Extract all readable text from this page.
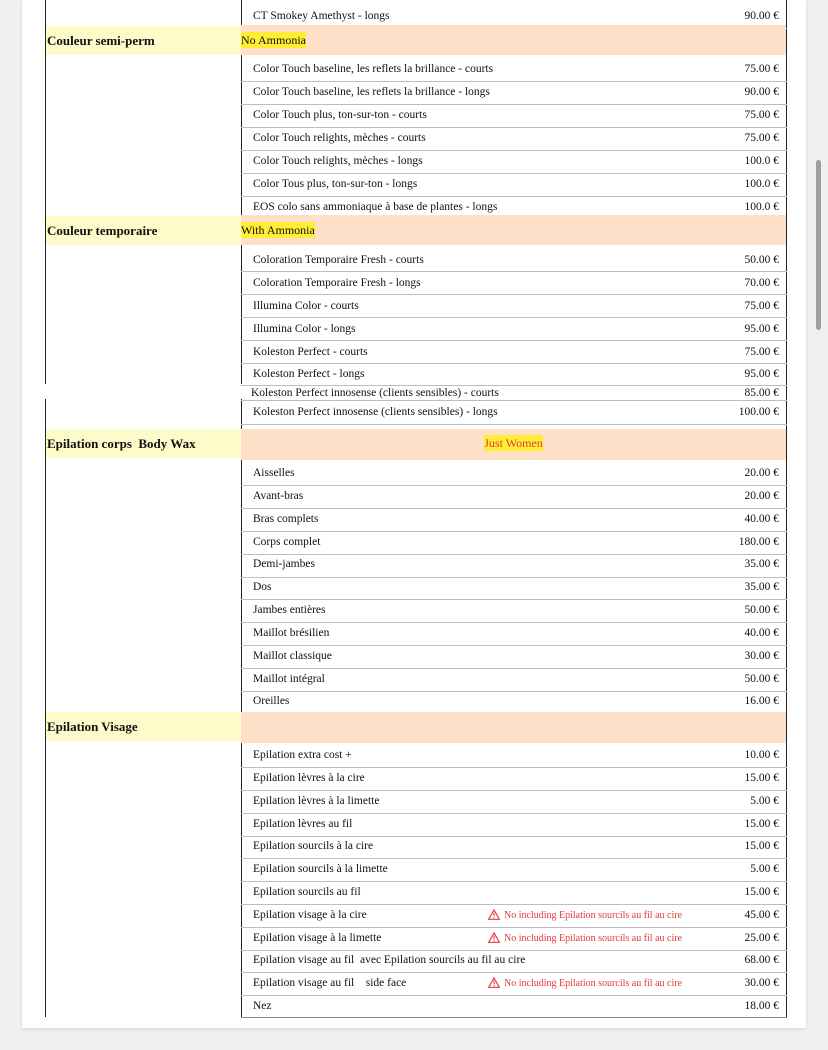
CT Smokey Amethyst - longs	90.00 €
Couleur semi-perm	No Ammonia
Color Touch baseline, les reflets la brillance - courts	75.00 €
Color Touch baseline, les reflets la brillance - longs	90.00 €
Color Touch plus, ton-sur-ton - courts	75.00 €
Color Touch relights, mèches - courts	75.00 €
Color Touch relights, mèches - longs	100.0 €
Color Tous plus, ton-sur-ton - longs	100.0 €
EOS colo sans ammoniaque à base de plantes - longs	100.0 €
Couleur temporaire	With Ammonia
Coloration Temporaire Fresh - courts	50.00 €
Coloration Temporaire Fresh - longs	70.00 €
Illumina Color - courts	75.00 €
Illumina Color - longs	95.00 €
Koleston Perfect - courts	75.00 €
Koleston Perfect - longs	95.00 €
Koleston Perfect innosense (clients sensibles) - courts	85.00 €
Koleston Perfect innosense (clients sensibles) - longs	100.00 €
Epilation corps  Body Wax	Just Women
Aisselles	20.00 €
Avant-bras	20.00 €
Bras complets	40.00 €
Corps complet	180.00 €
Demi-jambes	35.00 €
Dos	35.00 €
Jambes entières	50.00 €
Maillot brésilien	40.00 €
Maillot classique	30.00 €
Maillot intégral	50.00 €
Oreilles	16.00 €
Epilation Visage
Epilation extra cost +	10.00 €
Epilation lèvres à la cire	15.00 €
Epilation lèvres à la limette	5.00 €
Epilation lèvres au fil	15.00 €
Epilation sourcils à la cire	15.00 €
Epilation sourcils à la limette	5.00 €
Epilation sourcils au fil	15.00 €
Epilation visage à la cire	No including Epilation sourcils au fil au cire	45.00 €
Epilation visage à la limette	No including Epilation sourcils au fil au cire	25.00 €
Epilation visage au fil  avec Epilation sourcils au fil au cire	68.00 €
Epilation visage au fil    side face	No including Epilation sourcils au fil au cire	30.00 €
Nez	18.00 €
